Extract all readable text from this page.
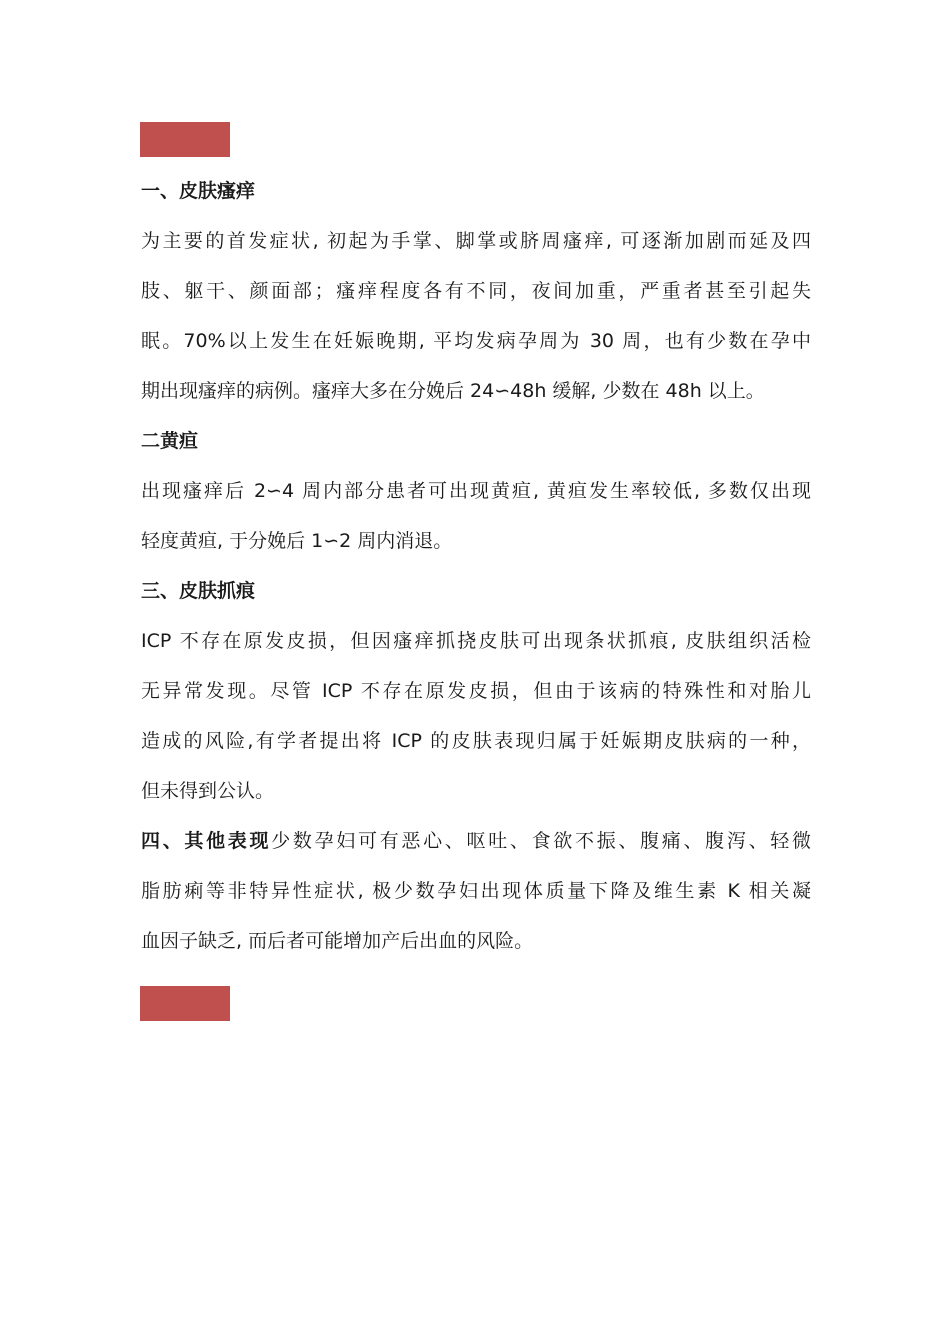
一、皮肤瘙痒

为主要的首发症状, 初起为手掌、脚掌或脐周瘙痒, 可逐渐加剧而延及四
肢、躯干、颜面部；瘙痒程度各有不同，夜间加重，严重者甚至引起失
眠。70%以上发生在妊娠晚期, 平均发病孕周为 30 周，也有少数在孕中
期出现瘙痒的病例。瘙痒大多在分娩后 24∽48h 缓解, 少数在 48h 以上。

二黄疸

出现瘙痒后 2∽4 周内部分患者可出现黄疸, 黄疸发生率较低, 多数仅出现
轻度黄疸, 于分娩后 1∽2 周内消退。

三、皮肤抓痕

ICP 不存在原发皮损，但因瘙痒抓挠皮肤可出现条状抓痕, 皮肤组织活检
无异常发现。尽管 ICP 不存在原发皮损，但由于该病的特殊性和对胎儿
造成的风险,有学者提出将 ICP 的皮肤表现归属于妊娠期皮肤病的一种，
但未得到公认。

四、其他表现少数孕妇可有恶心、呕吐、食欲不振、腹痛、腹泻、轻微
脂肪痢等非特异性症状, 极少数孕妇出现体质量下降及维生素 K 相关凝
血因子缺乏, 而后者可能增加产后出血的风险。
